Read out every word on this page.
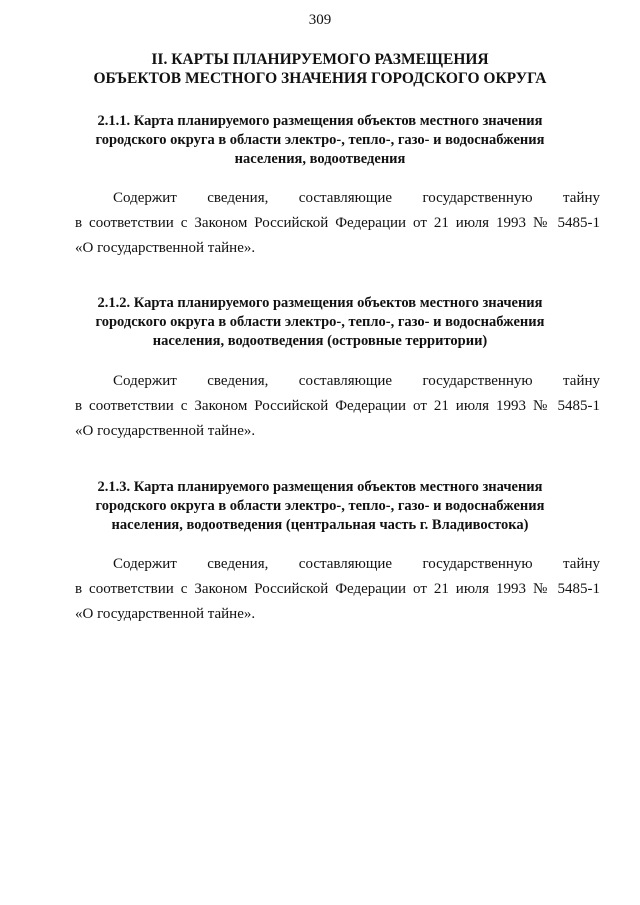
309
II. КАРТЫ ПЛАНИРУЕМОГО РАЗМЕЩЕНИЯ
ОБЪЕКТОВ МЕСТНОГО ЗНАЧЕНИЯ ГОРОДСКОГО ОКРУГА
2.1.1. Карта планируемого размещения объектов местного значения
городского округа в области электро-, тепло-, газо- и водоснабжения
населения, водоотведения

Содержит сведения, составляющие государственную тайну
в соответствии с Законом Российской Федерации от 21 июля 1993 № 5485-1
«О государственной тайне».

2.1.2. Карта планируемого размещения объектов местного значения
городского округа в области электро-, тепло-, газо- и водоснабжения
населения, водоотведения (островные территории)

Содержит сведения, составляющие государственную тайну
в соответствии с Законом Российской Федерации от 21 июля 1993 № 5485-1
«О государственной тайне».

2.1.3. Карта планируемого размещения объектов местного значения
городского округа в области электро-, тепло-, газо- и водоснабжения
населения, водоотведения (центральная часть г. Владивостока)

Содержит сведения, составляющие государственную тайну
в соответствии с Законом Российской Федерации от 21 июля 1993 № 5485-1
«О государственной тайне».
